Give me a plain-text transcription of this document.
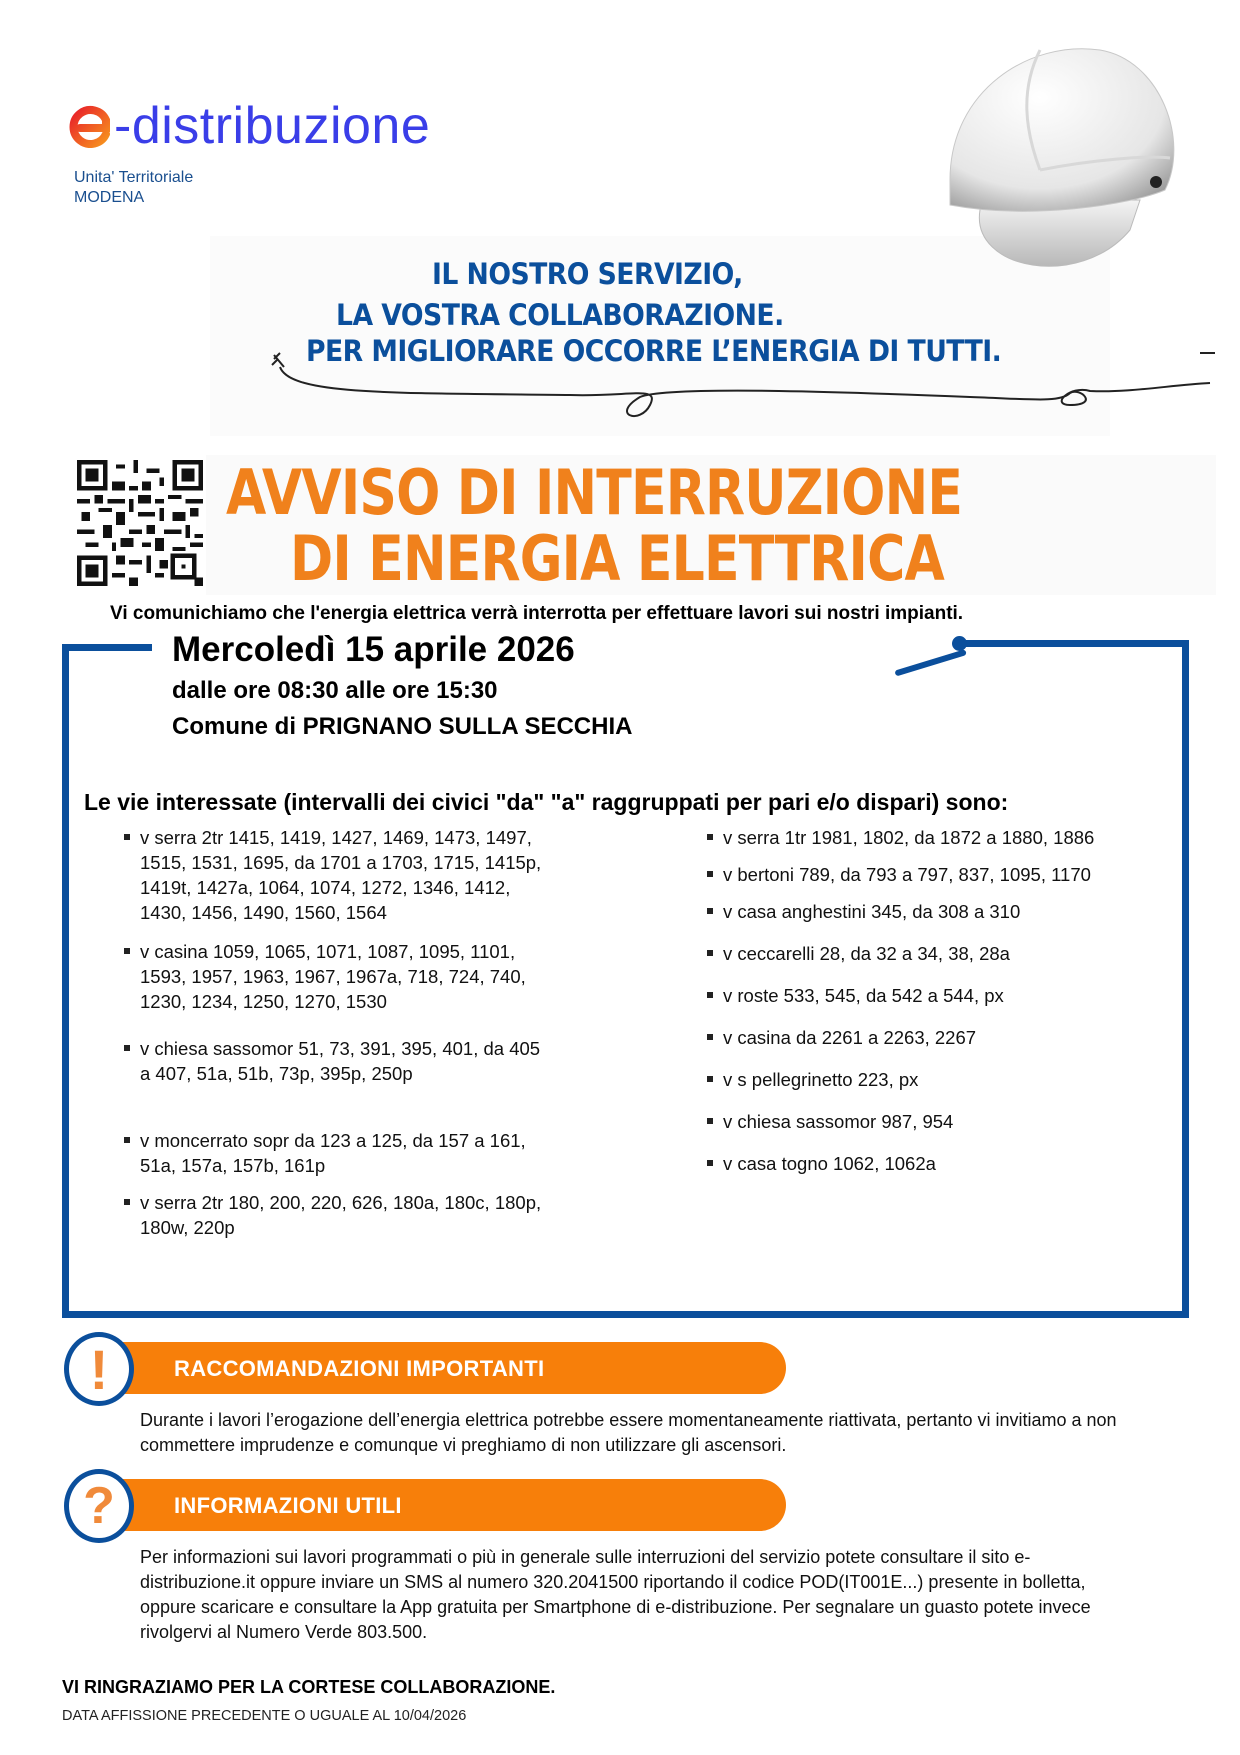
-distribuzione
Unita' Territoriale
MODENA
IL NOSTRO SERVIZIO,
LA VOSTRA COLLABORAZIONE.
PER MIGLIORARE OCCORRE L’ENERGIA DI TUTTI.
AVVISO DI INTERRUZIONE
DI ENERGIA ELETTRICA
Vi comunichiamo che l'energia elettrica verrà interrotta per effettuare lavori sui nostri impianti.
Mercoledì 15 aprile 2026
dalle ore 08:30 alle ore 15:30
Comune di PRIGNANO SULLA SECCHIA
Le vie interessate (intervalli dei civici "da" "a" raggruppati per pari e/o dispari) sono:
v serra 2tr 1415, 1419, 1427, 1469, 1473, 1497, 1515, 1531, 1695, da 1701 a 1703, 1715, 1415p, 1419t, 1427a, 1064, 1074, 1272, 1346, 1412, 1430, 1456, 1490, 1560, 1564
v casina 1059, 1065, 1071, 1087, 1095, 1101, 1593, 1957, 1963, 1967, 1967a, 718, 724, 740, 1230, 1234, 1250, 1270, 1530
v chiesa sassomor 51, 73, 391, 395, 401, da 405 a 407, 51a, 51b, 73p, 395p, 250p
v moncerrato sopr da 123 a 125, da 157 a 161, 51a, 157a, 157b, 161p
v serra 2tr 180, 200, 220, 626, 180a, 180c, 180p, 180w, 220p
v serra 1tr 1981, 1802, da 1872 a 1880, 1886
v bertoni 789, da 793 a 797, 837, 1095, 1170
v casa anghestini 345, da 308 a 310
v ceccarelli 28, da 32 a 34, 38, 28a
v roste 533, 545, da 542 a 544, px
v casina da 2261 a 2263, 2267
v s pellegrinetto 223, px
v chiesa sassomor 987, 954
v casa togno 1062, 1062a
!	RACCOMANDAZIONI IMPORTANTI
Durante i lavori l’erogazione dell’energia elettrica potrebbe essere momentaneamente riattivata, pertanto vi invitiamo a non commettere imprudenze e comunque vi preghiamo di non utilizzare gli ascensori.
?	INFORMAZIONI UTILI
Per informazioni sui lavori programmati o più in generale sulle interruzioni del servizio potete consultare il sito e-distribuzione.it oppure inviare un SMS al numero 320.2041500 riportando il codice POD(IT001E...) presente in bolletta, oppure scaricare e consultare la App gratuita per Smartphone di e-distribuzione. Per segnalare un guasto potete invece rivolgervi al Numero Verde 803.500.
VI RINGRAZIAMO PER LA CORTESE COLLABORAZIONE.
DATA AFFISSIONE PRECEDENTE O UGUALE AL 10/04/2026
